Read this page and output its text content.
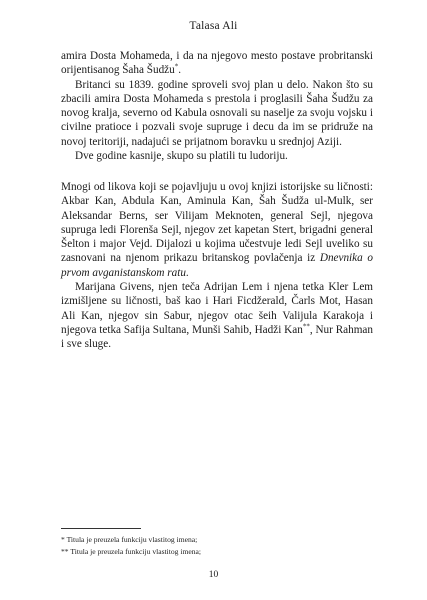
Talasa Ali

amira Dosta Mohameda, i da na njegovo mesto postave probritanski orijentisanog Šaha Šudžu*.

Britanci su 1839. godine sproveli svoj plan u delo. Nakon što su zbacili amira Dosta Mohameda s prestola i proglasili Šaha Šudžu za novog kralja, severno od Kabula osnovali su naselje za svoju vojsku i civilne pratioce i pozvali svoje supruge i decu da im se pridruže na novoj teritoriji, nadajući se prijatnom boravku u srednjoj Aziji.

Dve godine kasnije, skupo su platili tu ludoriju.

Mnogi od likova koji se pojavljuju u ovoj knjizi istorijske su ličnosti: Akbar Kan, Abdula Kan, Aminula Kan, Šah Šudža ul-Mulk, ser Aleksandar Berns, ser Vilijam Meknoten, general Sejl, njegova supruga ledi Florenša Sejl, njegov zet kapetan Stert, brigadni general Šelton i major Vejd. Dijalozi u kojima učestvuje ledi Sejl uveliko su zasnovani na njenom prikazu britanskog povlačenja iz Dnevnika o prvom avganistanskom ratu.

Marijana Givens, njen teča Adrijan Lem i njena tetka Kler Lem izmišljene su ličnosti, baš kao i Hari Ficdžerald, Čarls Mot, Hasan Ali Kan, njegov sin Sabur, njegov otac šeih Valijula Karakoja i njegova tetka Safija Sultana, Munši Sahib, Hadži Kan**, Nur Rahman i sve sluge.

* Titula je preuzela funkciju vlastitog imena;
** Titula je preuzela funkciju vlastitog imena;
10
